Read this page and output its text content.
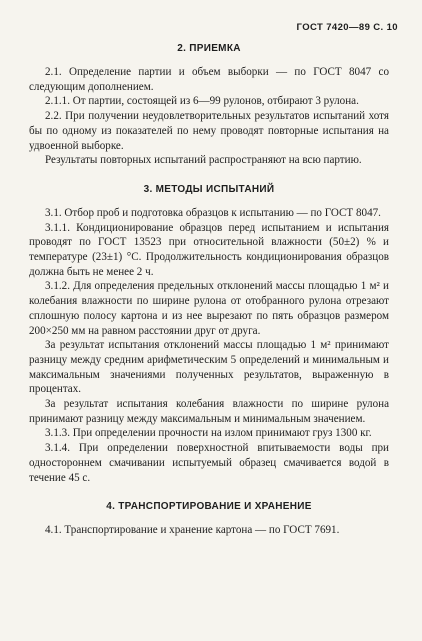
ГОСТ 7420—89 С. 10
2. ПРИЕМКА

2.1. Определение партии и объем выборки — по ГОСТ 8047 со следующим дополнением.

2.1.1. От партии, состоящей из 6—99 рулонов, отбирают 3 рулона.

2.2. При получении неудовлетворительных результатов испытаний хотя бы по одному из показателей по нему проводят повторные испытания на удвоенной выборке.

Результаты повторных испытаний распространяют на всю партию.

3. МЕТОДЫ ИСПЫТАНИЙ

3.1. Отбор проб и подготовка образцов к испытанию — по ГОСТ 8047.

3.1.1. Кондиционирование образцов перед испытанием и испытания проводят по ГОСТ 13523 при относительной влажности (50±2) % и температуре (23±1) °С. Продолжительность кондиционирования образцов должна быть не менее 2 ч.

3.1.2. Для определения предельных отклонений массы площадью 1 м² и колебания влажности по ширине рулона от отобранного рулона отрезают сплошную полосу картона и из нее вырезают по пять образцов размером 200×250 мм на равном расстоянии друг от друга.

За результат испытания отклонений массы площадью 1 м² принимают разницу между средним арифметическим 5 определений и минимальным и максимальным значениями полученных результатов, выраженную в процентах.

За результат испытания колебания влажности по ширине рулона принимают разницу между максимальным и минимальным значением.

3.1.3. При определении прочности на излом принимают груз 1300 кг.

3.1.4. При определении поверхностной впитываемости воды при одностороннем смачивании испытуемый образец смачивается водой в течение 45 с.

4. ТРАНСПОРТИРОВАНИЕ И ХРАНЕНИЕ

4.1. Транспортирование и хранение картона — по ГОСТ 7691.
